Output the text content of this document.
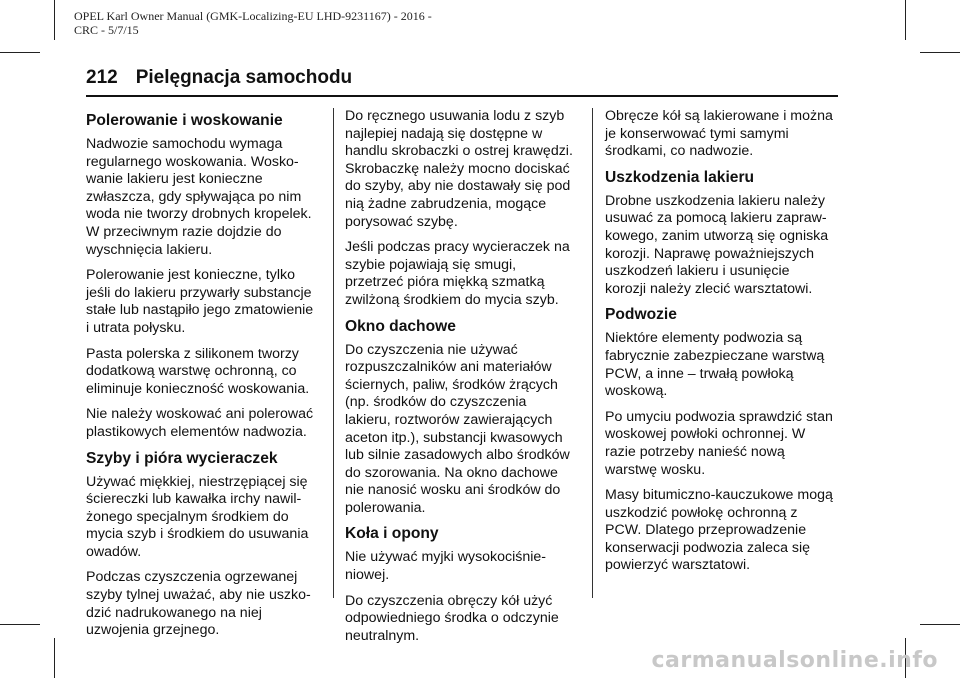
OPEL Karl Owner Manual (GMK-Localizing-EU LHD-9231167) - 2016 -
CRC - 5/7/15
212 Pielęgnacja samochodu
Polerowanie i woskowanie

Nadwozie samochodu wymaga
regularnego woskowania. Wosko-
wanie lakieru jest konieczne
zwłaszcza, gdy spływająca po nim
woda nie tworzy drobnych kropelek.
W przeciwnym razie dojdzie do
wyschnięcia lakieru.

Polerowanie jest konieczne, tylko
jeśli do lakieru przywarły substancje
stałe lub nastąpiło jego zmatowienie
i utrata połysku.

Pasta polerska z silikonem tworzy
dodatkową warstwę ochronną, co
eliminuje konieczność woskowania.

Nie należy woskować ani polerować
plastikowych elementów nadwozia.

Szyby i pióra wycieraczek

Używać miękkiej, niestrzępiącej się
ściereczki lub kawałka irchy nawil-
żonego specjalnym środkiem do
mycia szyb i środkiem do usuwania
owadów.

Podczas czyszczenia ogrzewanej
szyby tylnej uważać, aby nie uszko-
dzić nadrukowanego na niej
uzwojenia grzejnego.

Do ręcznego usuwania lodu z szyb
najlepiej nadają się dostępne w
handlu skrobaczki o ostrej krawędzi.
Skrobaczkę należy mocno dociskać
do szyby, aby nie dostawały się pod
nią żadne zabrudzenia, mogące
porysować szybę.

Jeśli podczas pracy wycieraczek na
szybie pojawiają się smugi,
przetrzeć pióra miękką szmatką
zwilżoną środkiem do mycia szyb.

Okno dachowe

Do czyszczenia nie używać
rozpuszczalników ani materiałów
ściernych, paliw, środków żrących
(np. środków do czyszczenia
lakieru, roztworów zawierających
aceton itp.), substancji kwasowych
lub silnie zasadowych albo środków
do szorowania. Na okno dachowe
nie nanosić wosku ani środków do
polerowania.

Koła i opony

Nie używać myjki wysokociśnie-
niowej.

Do czyszczenia obręczy kół użyć
odpowiedniego środka o odczynie
neutralnym.

Obręcze kół są lakierowane i można
je konserwować tymi samymi
środkami, co nadwozie.

Uszkodzenia lakieru

Drobne uszkodzenia lakieru należy
usuwać za pomocą lakieru zapraw-
kowego, zanim utworzą się ogniska
korozji. Naprawę poważniejszych
uszkodzeń lakieru i usunięcie
korozji należy zlecić warsztatowi.

Podwozie

Niektóre elementy podwozia są
fabrycznie zabezpieczane warstwą
PCW, a inne – trwałą powłoką
woskową.

Po umyciu podwozia sprawdzić stan
woskowej powłoki ochronnej. W
razie potrzeby nanieść nową
warstwę wosku.

Masy bitumiczno-kauczukowe mogą
uszkodzić powłokę ochronną z
PCW. Dlatego przeprowadzenie
konserwacji podwozia zaleca się
powierzyć warsztatowi.

carmanualsonline.info
